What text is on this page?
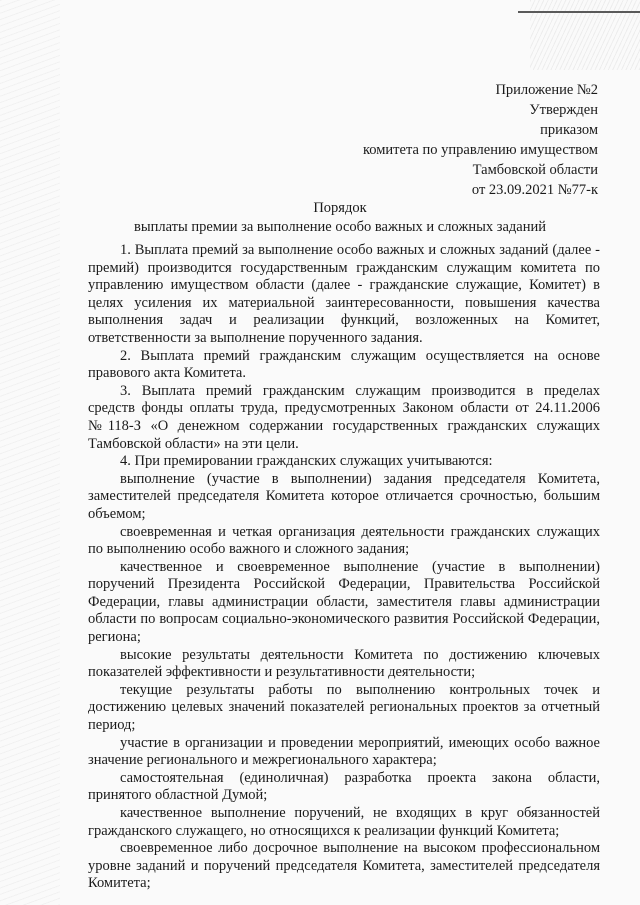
Приложение №2
Утвержден
приказом
комитета по управлению имуществом
Тамбовской области
от 23.09.2021 №77-к
Порядок
выплаты премии за выполнение особо важных и сложных заданий

1. Выплата премий за выполнение особо важных и сложных заданий (далее - премий) производится государственным гражданским служащим комитета по управлению имуществом области (далее - гражданские служащие, Комитет) в целях усиления их материальной заинтересованности, повышения качества выполнения задач и реализации функций, возложенных на Комитет, ответственности за выполнение порученного задания.

2. Выплата премий гражданским служащим осуществляется на основе правового акта Комитета.

3. Выплата премий гражданским служащим производится в пределах средств фонды оплаты труда, предусмотренных Законом области от 24.11.2006 №118-З «О денежном содержании государственных гражданских служащих Тамбовской области» на эти цели.

4. При премировании гражданских служащих учитываются:

выполнение (участие в выполнении) задания председателя Комитета, заместителей председателя Комитета которое отличается срочностью, большим объемом;

своевременная и четкая организация деятельности гражданских служащих по выполнению особо важного и сложного задания;

качественное и своевременное выполнение (участие в выполнении) поручений Президента Российской Федерации, Правительства Российской Федерации, главы администрации области, заместителя главы администрации области по вопросам социально-экономического развития Российской Федерации, региона;

высокие результаты деятельности Комитета по достижению ключевых показателей эффективности и результативности деятельности;

текущие результаты работы по выполнению контрольных точек и достижению целевых значений показателей региональных проектов за отчетный период;

участие в организации и проведении мероприятий, имеющих особо важное значение регионального и межрегионального характера;

самостоятельная (единоличная) разработка проекта закона области, принятого областной Думой;

качественное выполнение поручений, не входящих в круг обязанностей гражданского служащего, но относящихся к реализации функций Комитета;

своевременное либо досрочное выполнение на высоком профессиональном уровне заданий и поручений председателя Комитета, заместителей председателя Комитета;
